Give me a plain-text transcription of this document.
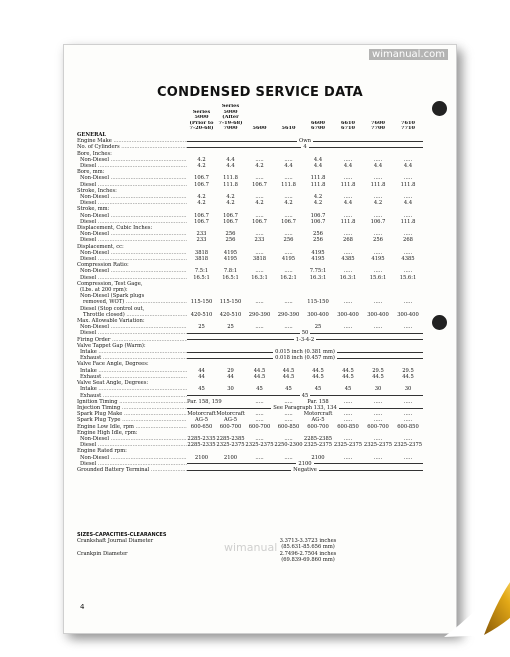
wimanual.com
CONDENSED SERVICE DATA
		Series						
	Series	5000						
	5000	(After						
	(Prior to	7-19-68)			6600	6610	7600	7610
	7-20-68)	7000	5600	5610	6700	6710	7700	7710
GENERAL								
Engine Make .....	Own							

No. of Cylinders .....	4							

Bore, Inches:								
Non-Diesel .....	4.2	4.4	.....	.....	4.4	.....	.....	.....
Diesel .....	4.2	4.4	4.2	4.4	4.4	4.4	4.4	4.4
Bore, mm:								
Non-Diesel .....	106.7	111.8	.....	.....	111.8	.....	.....	.....
Diesel .....	106.7	111.8	106.7	111.8	111.8	111.8	111.8	111.8
Stroke, Inches:								
Non-Diesel .....	4.2	4.2	.....	.....	4.2	.....	.....	.....
Diesel .....	4.2	4.2	4.2	4.2	4.2	4.4	4.2	4.4
Stroke, mm:								
Non-Diesel .....	106.7	106.7	.....	.....	106.7	.....	.....	.....
Diesel .....	106.7	106.7	106.7	106.7	106.7	111.8	106.7	111.8
Displacement, Cubic Inches:								
Non-Diesel .....	233	256	.....	.....	256	.....	.....	.....
Diesel .....	233	256	233	256	256	268	256	268
Displacement, cc:								
Non-Diesel .....	3818	4195	.....	.....	4195	.....	.....	.....
Diesel .....	3818	4195	3818	4195	4195	4385	4195	4385
Compression Ratio:								
Non-Diesel .....	7.5:1	7.8:1	.....	.....	7.75:1	.....	.....	.....
Diesel .....	16.5:1	16.5:1	16.3:1	16.2:1	16.3:1	16.3:1	15.6:1	15.6:1
Compression, Test Gage,								
(Lbs. at 200 rpm):								
Non-Diesel (Spark plugs								
removed, WOT) .....	115-150	115-150	.....	.....	115-150	.....	.....	.....
Diesel (Stop control out,								
Throttle closed) .....	420-510	420-510	290-390	290-390	300-400	300-400	300-400	300-400
Max. Allowable Variation:								
Non-Diesel .....	25	25	.....	.....	25	.....	.....	.....
Diesel .....	50							

Firing Order .....	1-3-4-2							

Valve Tappet Gap (Warm):								
Intake .....	0.015 inch (0.381 mm)							

Exhaust .....	0.018 inch (0.457 mm)							

Valve Face Angle, Degrees:								
Intake .....	44	29	44.5	44.5	44.5	44.5	29.5	29.5
Exhaust .....	44	44	44.5	44.5	44.5	44.5	44.5	44.5
Valve Seat Angle, Degrees:								
Intake .....	45	30	45	45	45	45	30	30
Exhaust .....	45							

Ignition Timing .....	Par. 158, 159		.....	.....	Par. 158	.....	.....	.....
Injection Timing .....	See Paragraph 133, 134							

Spark Plug Make .....	Motorcraft	Motorcraft	.....	.....	Motorcraft	.....	.....	.....
Spark Plug Type .....	AG-5	AG-5	.....	.....	AG-5	.....	.....	.....
Engine Low Idle, rpm .....	600-650	600-700	600-700	600-850	600-700	600-850	600-700	600-850
Engine High Idle, rpm:								
Non-Diesel .....	2285-2335	2285-2385	.....	.....	2285-2385	.....	.....	.....
Diesel .....	2285-2335	2325-2375	2325-2375	2250-2300	2325-2375	2325-2375	2325-2375	2325-2375
Engine Rated rpm:								
Non-Diesel .....	2100	2100	.....	.....	2100	.....	.....	.....
Diesel .....	2100							

Grounded Battery Terminal .....	Negative							
SIZES-CAPACITIES-CLEARANCES
Crankshaft Journal Diameter	3.3713-3.3723 inches
(85.631-85.656 mm)
Crankpin Diameter	2.7496-2.7504 inches
(69.839-69.860 mm)
wimanual
4
